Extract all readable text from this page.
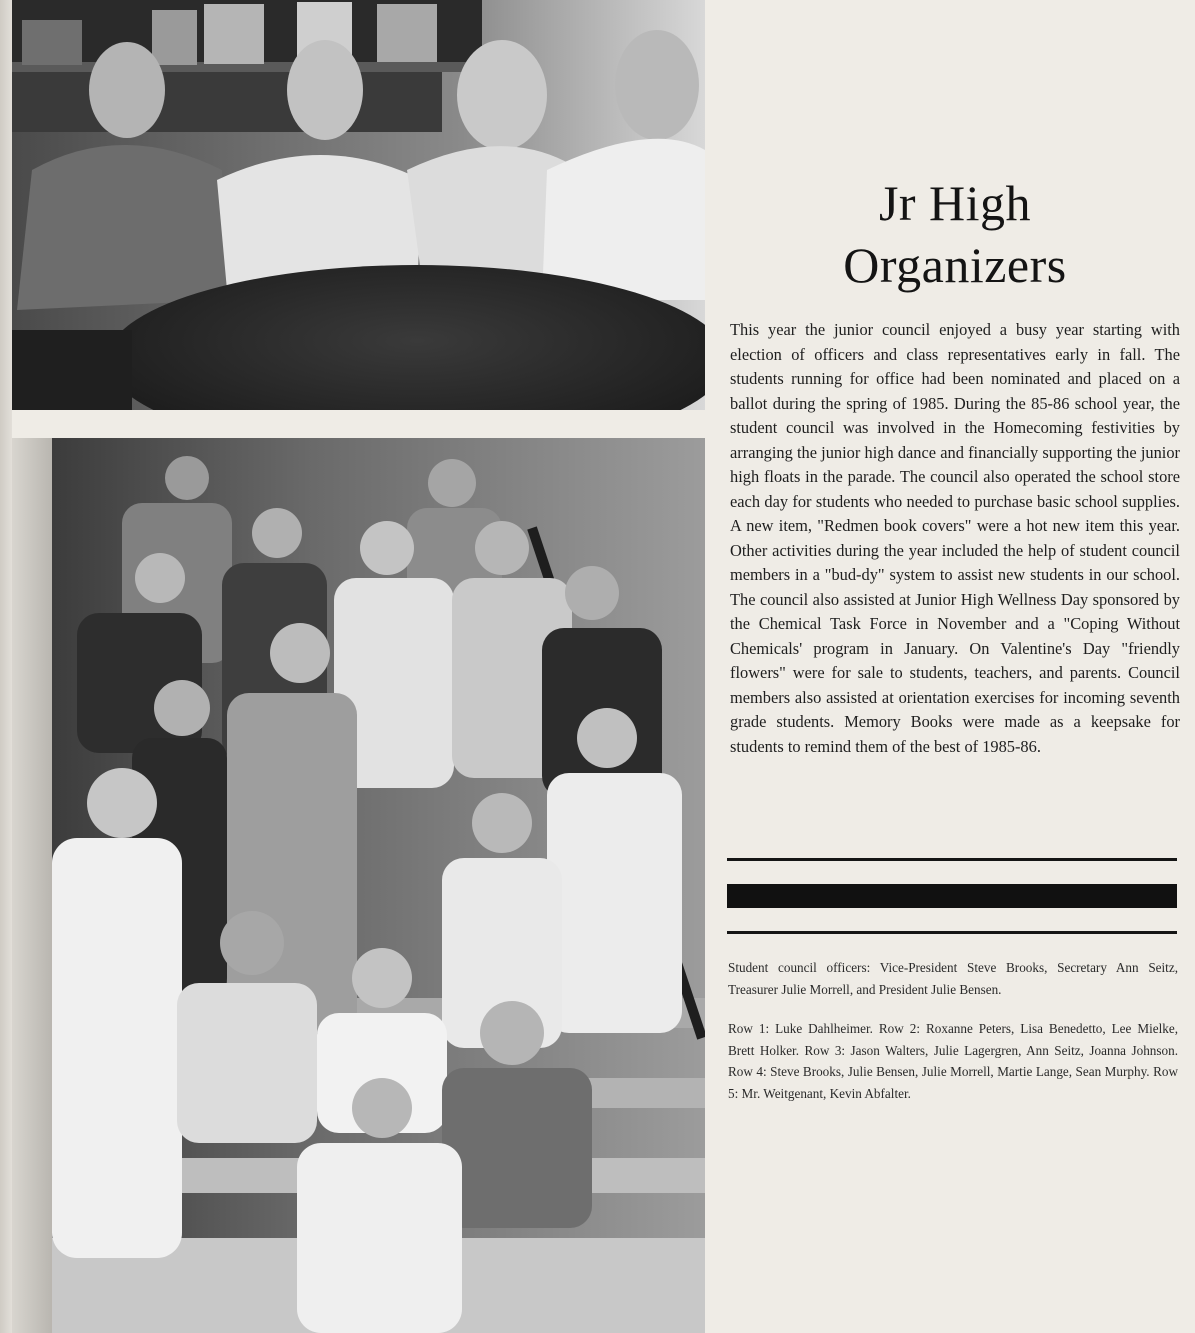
Jr High
Organizers
This year the junior council enjoyed a busy year starting with election of officers and class representatives early in fall. The students running for office had been nominated and placed on a ballot during the spring of 1985. During the 85-86 school year, the student council was involved in the Homecoming festivities by arranging the junior high dance and financially supporting the junior high floats in the parade. The council also operated the school store each day for students who needed to purchase basic school supplies. A new item, "Redmen book covers" were a hot new item this year. Other activities during the year included the help of student council members in a "bud-dy" system to assist new students in our school. The council also assisted at Junior High Wellness Day sponsored by the Chemical Task Force in November and a "Coping Without Chemicals' program in January. On Valentine's Day "friendly flowers" were for sale to students, teachers, and parents. Council members also assisted at orientation exercises for incoming seventh grade students. Memory Books were made as a keepsake for students to remind them of the best of 1985-86.
Student council officers: Vice-President Steve Brooks, Secretary Ann Seitz, Treasurer Julie Morrell, and President Julie Bensen.
Row 1: Luke Dahlheimer. Row 2: Roxanne Peters, Lisa Benedetto, Lee Mielke, Brett Holker. Row 3: Jason Walters, Julie Lagergren, Ann Seitz, Joanna Johnson. Row 4: Steve Brooks, Julie Bensen, Julie Morrell, Martie Lange, Sean Murphy. Row 5: Mr. Weitgenant, Kevin Abfalter.
